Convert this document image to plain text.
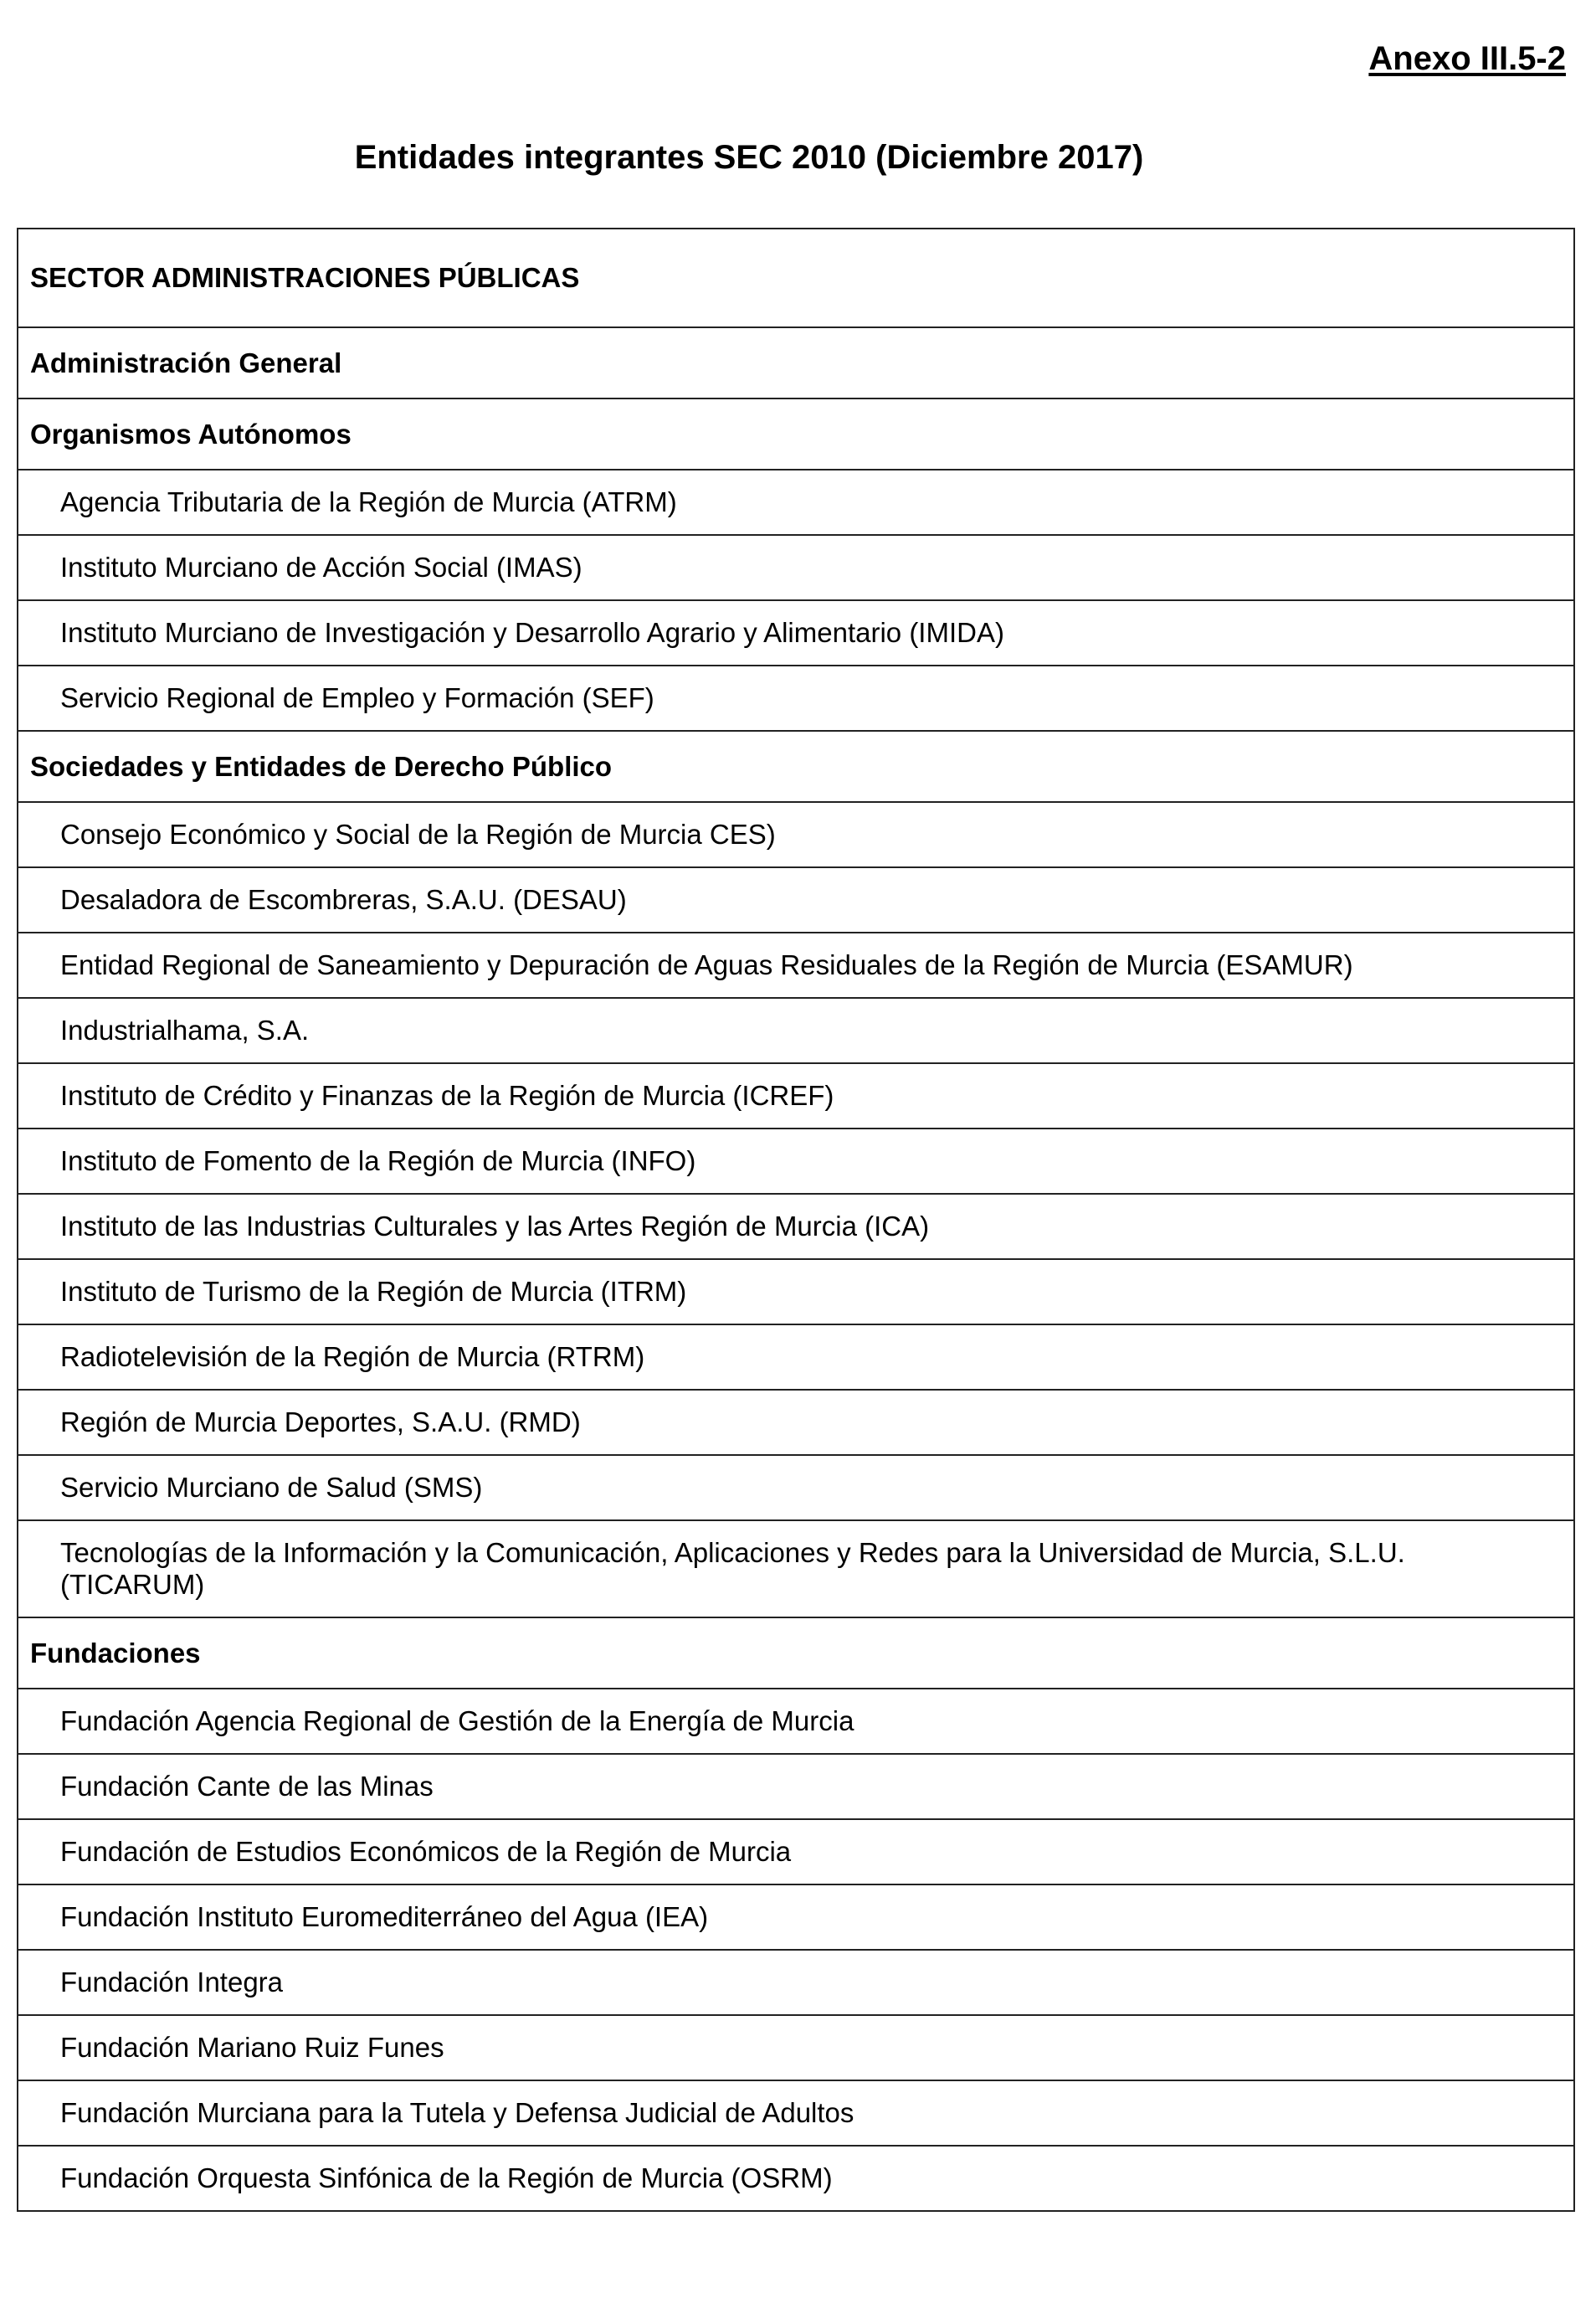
Anexo III.5-2
Entidades integrantes SEC 2010 (Diciembre 2017)
SECTOR ADMINISTRACIONES PÚBLICAS
Administración General
Organismos Autónomos
Agencia Tributaria de la Región de Murcia (ATRM)
Instituto Murciano de Acción Social (IMAS)
Instituto Murciano de Investigación y Desarrollo Agrario y Alimentario (IMIDA)
Servicio Regional de Empleo y Formación (SEF)
Sociedades y Entidades de Derecho Público
Consejo Económico y Social de la Región de Murcia CES)
Desaladora de Escombreras, S.A.U. (DESAU)
Entidad Regional de Saneamiento y Depuración de Aguas Residuales de la Región de Murcia (ESAMUR)
Industrialhama, S.A.
Instituto de Crédito y Finanzas de la Región de Murcia (ICREF)
Instituto de Fomento de la Región de Murcia (INFO)
Instituto de las Industrias Culturales y las Artes Región de Murcia (ICA)
Instituto de Turismo de la Región de Murcia (ITRM)
Radiotelevisión de la Región de Murcia (RTRM)
Región de Murcia Deportes, S.A.U. (RMD)
Servicio Murciano de Salud (SMS)
Tecnologías de la Información y la Comunicación, Aplicaciones y Redes para la Universidad de Murcia, S.L.U. (TICARUM)
Fundaciones
Fundación Agencia Regional de Gestión de la Energía de Murcia
Fundación Cante de las Minas
Fundación de Estudios Económicos de la Región de Murcia
Fundación Instituto Euromediterráneo del Agua (IEA)
Fundación Integra
Fundación Mariano Ruiz Funes
Fundación Murciana para la Tutela y Defensa Judicial de Adultos
Fundación Orquesta Sinfónica de la Región de Murcia (OSRM)
